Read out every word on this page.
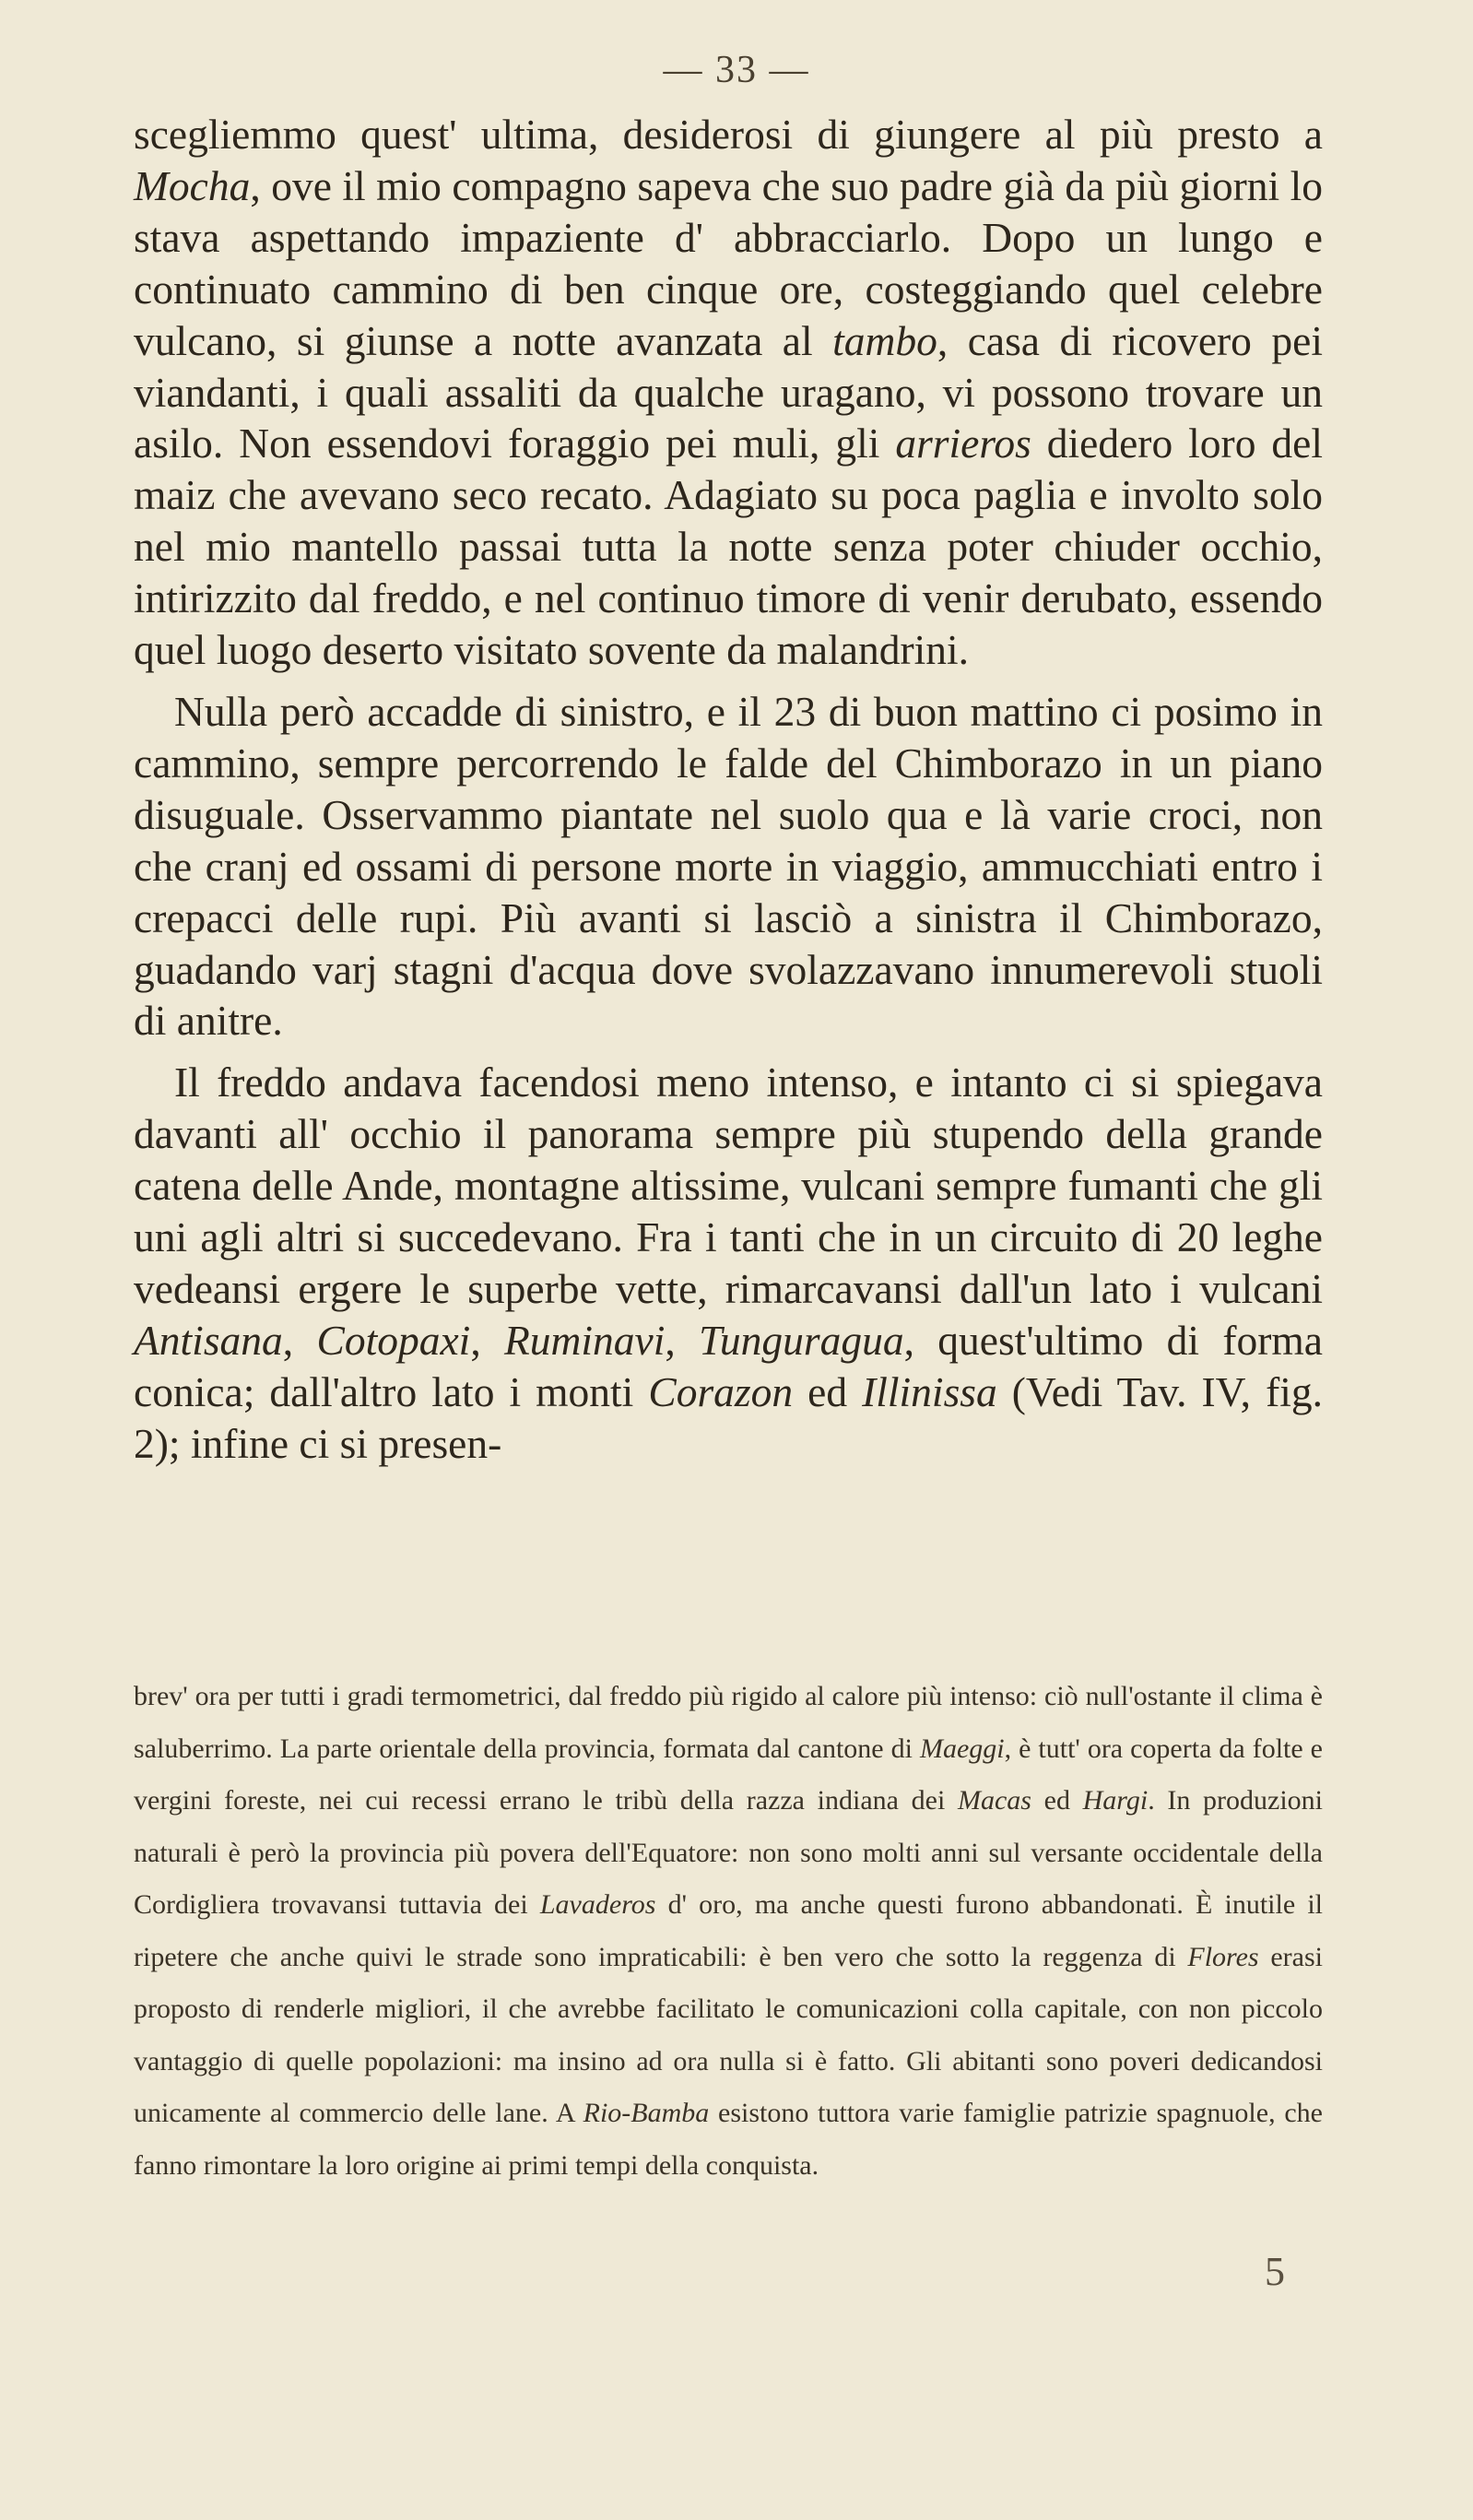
— 33 —

scegliemmo quest' ultima, desiderosi di giungere al più presto a Mocha, ove il mio compagno sapeva che suo padre già da più giorni lo stava aspettando impaziente d' abbracciarlo. Dopo un lungo e continuato cammino di ben cinque ore, costeggiando quel celebre vulcano, si giunse a notte avanzata al tambo, casa di ricovero pei viandanti, i quali assaliti da qualche uragano, vi possono trovare un asilo. Non essendovi foraggio pei muli, gli arrieros diedero loro del maiz che avevano seco recato. Adagiato su poca paglia e involto solo nel mio mantello passai tutta la notte senza poter chiuder occhio, intirizzito dal freddo, e nel continuo timore di venir derubato, essendo quel luogo deserto visitato sovente da malandrini.

Nulla però accadde di sinistro, e il 23 di buon mattino ci posimo in cammino, sempre percorrendo le falde del Chimborazo in un piano disuguale. Osservammo piantate nel suolo qua e là varie croci, non che cranj ed ossami di persone morte in viaggio, ammucchiati entro i crepacci delle rupi. Più avanti si lasciò a sinistra il Chimborazo, guadando varj stagni d'acqua dove svolazzavano innumerevoli stuoli di anitre.

Il freddo andava facendosi meno intenso, e intanto ci si spiegava davanti all' occhio il panorama sempre più stupendo della grande catena delle Ande, montagne altissime, vulcani sempre fumanti che gli uni agli altri si succedevano. Fra i tanti che in un circuito di 20 leghe vedeansi ergere le superbe vette, rimarcavansi dall'un lato i vulcani Antisana, Cotopaxi, Ruminavi, Tunguragua, quest'ultimo di forma conica; dall'altro lato i monti Corazon ed Illinissa (Vedi Tav. IV, fig. 2); infine ci si presen-

brev' ora per tutti i gradi termometrici, dal freddo più rigido al calore più intenso: ciò null'ostante il clima è saluberrimo. La parte orientale della provincia, formata dal cantone di Maeggi, è tutt' ora coperta da folte e vergini foreste, nei cui recessi errano le tribù della razza indiana dei Macas ed Hargi. In produzioni naturali è però la provincia più povera dell'Equatore: non sono molti anni sul versante occidentale della Cordigliera trovavansi tuttavia dei Lavaderos d' oro, ma anche questi furono abbandonati. È inutile il ripetere che anche quivi le strade sono impraticabili: è ben vero che sotto la reggenza di Flores erasi proposto di renderle migliori, il che avrebbe facilitato le comunicazioni colla capitale, con non piccolo vantaggio di quelle popolazioni: ma insino ad ora nulla si è fatto. Gli abitanti sono poveri dedicandosi unicamente al commercio delle lane. A Rio-Bamba esistono tuttora varie famiglie patrizie spagnuole, che fanno rimontare la loro origine ai primi tempi della conquista.

5
